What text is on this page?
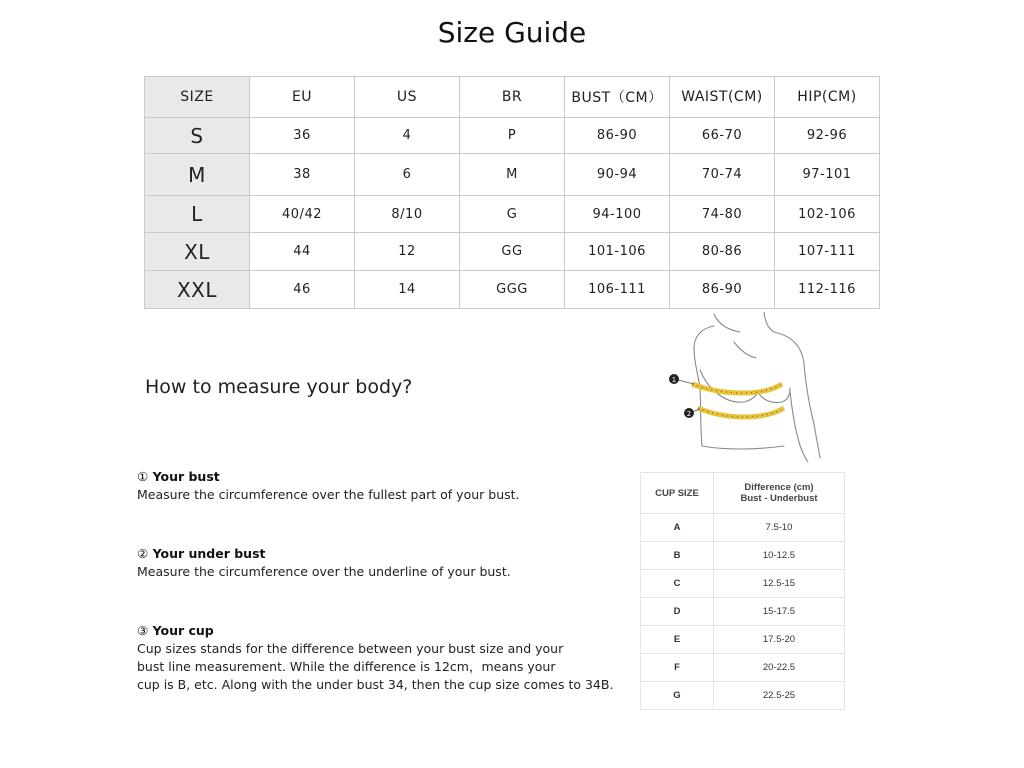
Size Guide
SIZE	EU	US	BR	BUST（CM）	WAIST(CM)	HIP(CM)
S	36	4	P	86-90	66-70	92-96
M	38	6	M	90-94	70-74	97-101
L	40/42	8/10	G	94-100	74-80	102-106
XL	44	12	GG	101-106	80-86	107-111
XXL	46	14	GGG	106-111	86-90	112-116
How to measure your body?	1
2
① Your bust
Measure the circumference over the fullest part of your bust.
② Your under bust
Measure the circumference over the underline of your bust.
③ Your cup
Cup sizes stands for the difference between your bust size and your
bust line measurement. While the difference is 12cm，means your
cup is B, etc. Along with the under bust 34, then the cup size comes to 34B.
CUP SIZE	Difference (cm)
Bust - Underbust

A	7.5-10
B	10-12.5
C	12.5-15
D	15-17.5
E	17.5-20
F	20-22.5
G	22.5-25
